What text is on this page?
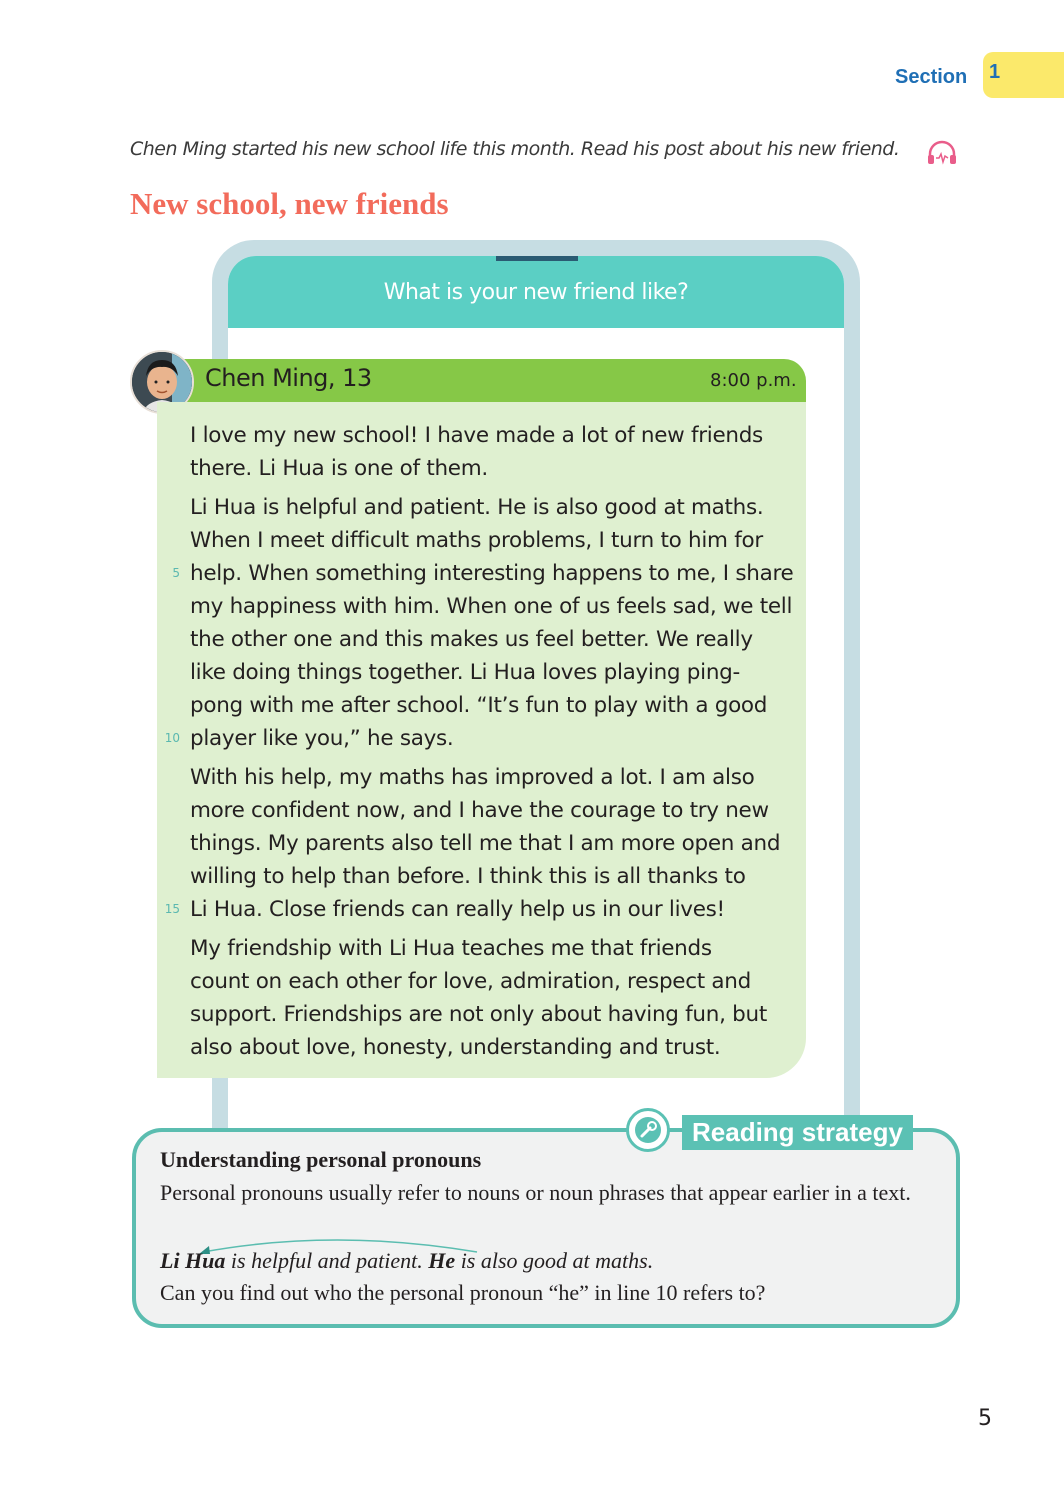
Section 1
Chen Ming started his new school life this month. Read his post about his new friend.
New school, new friends
What is your new friend like?
Chen Ming, 13	8:00 p.m.
I love my new school! I have made a lot of new friends
there. Li Hua is one of them.
Li Hua is helpful and patient. He is also good at maths.
When I meet difficult maths problems, I turn to him for
help. When something interesting happens to me, I share
my happiness with him. When one of us feels sad, we tell
the other one and this makes us feel better. We really
like doing things together. Li Hua loves playing ping-
pong with me after school. “It’s fun to play with a good
player like you,” he says.
With his help, my maths has improved a lot. I am also
more confident now, and I have the courage to try new
things. My parents also tell me that I am more open and
willing to help than before. I think this is all thanks to
Li Hua. Close friends can really help us in our lives!
My friendship with Li Hua teaches me that friends
count on each other for love, admiration, respect and
support. Friendships are not only about having fun, but
also about love, honesty, understanding and trust.
5
10
15
Reading strategy
Understanding personal pronouns
Personal pronouns usually refer to nouns or noun phrases that appear earlier in a text.
Li Hua is helpful and patient. He is also good at maths.
Can you find out who the personal pronoun “he” in line 10 refers to?
5
